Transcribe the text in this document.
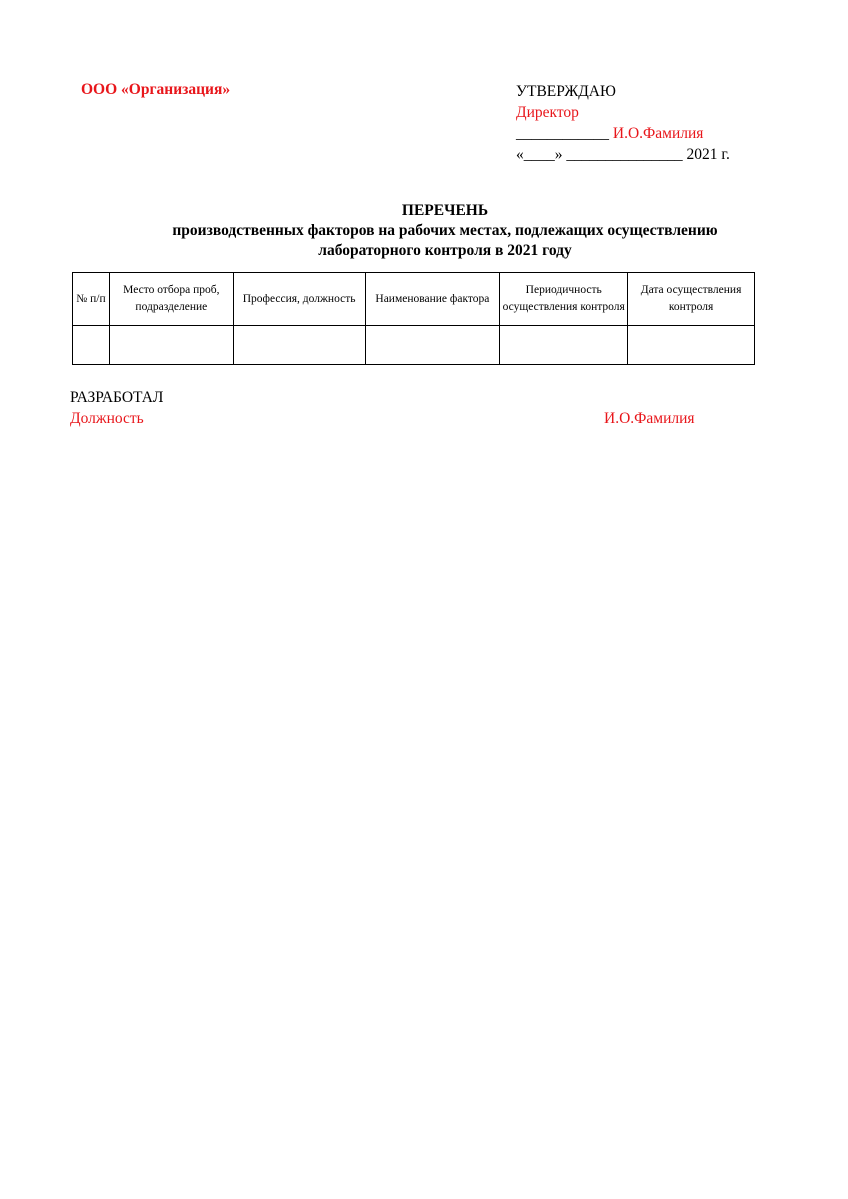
ООО «Организация»	УТВЕРЖДАЮ
Директор
____________ И.О.Фамилия
«____» _______________ 2021 г.
ПЕРЕЧЕНЬ
производственных факторов на рабочих местах, подлежащих осуществлению
лабораторного контроля в 2021 году
№ п/п	Место отбора проб, подразделение	Профессия, должность	Наименование фактора	Периодичность осуществления контроля	Дата осуществления контроля

РАЗРАБОТАЛ
Должность	И.О.Фамилия
